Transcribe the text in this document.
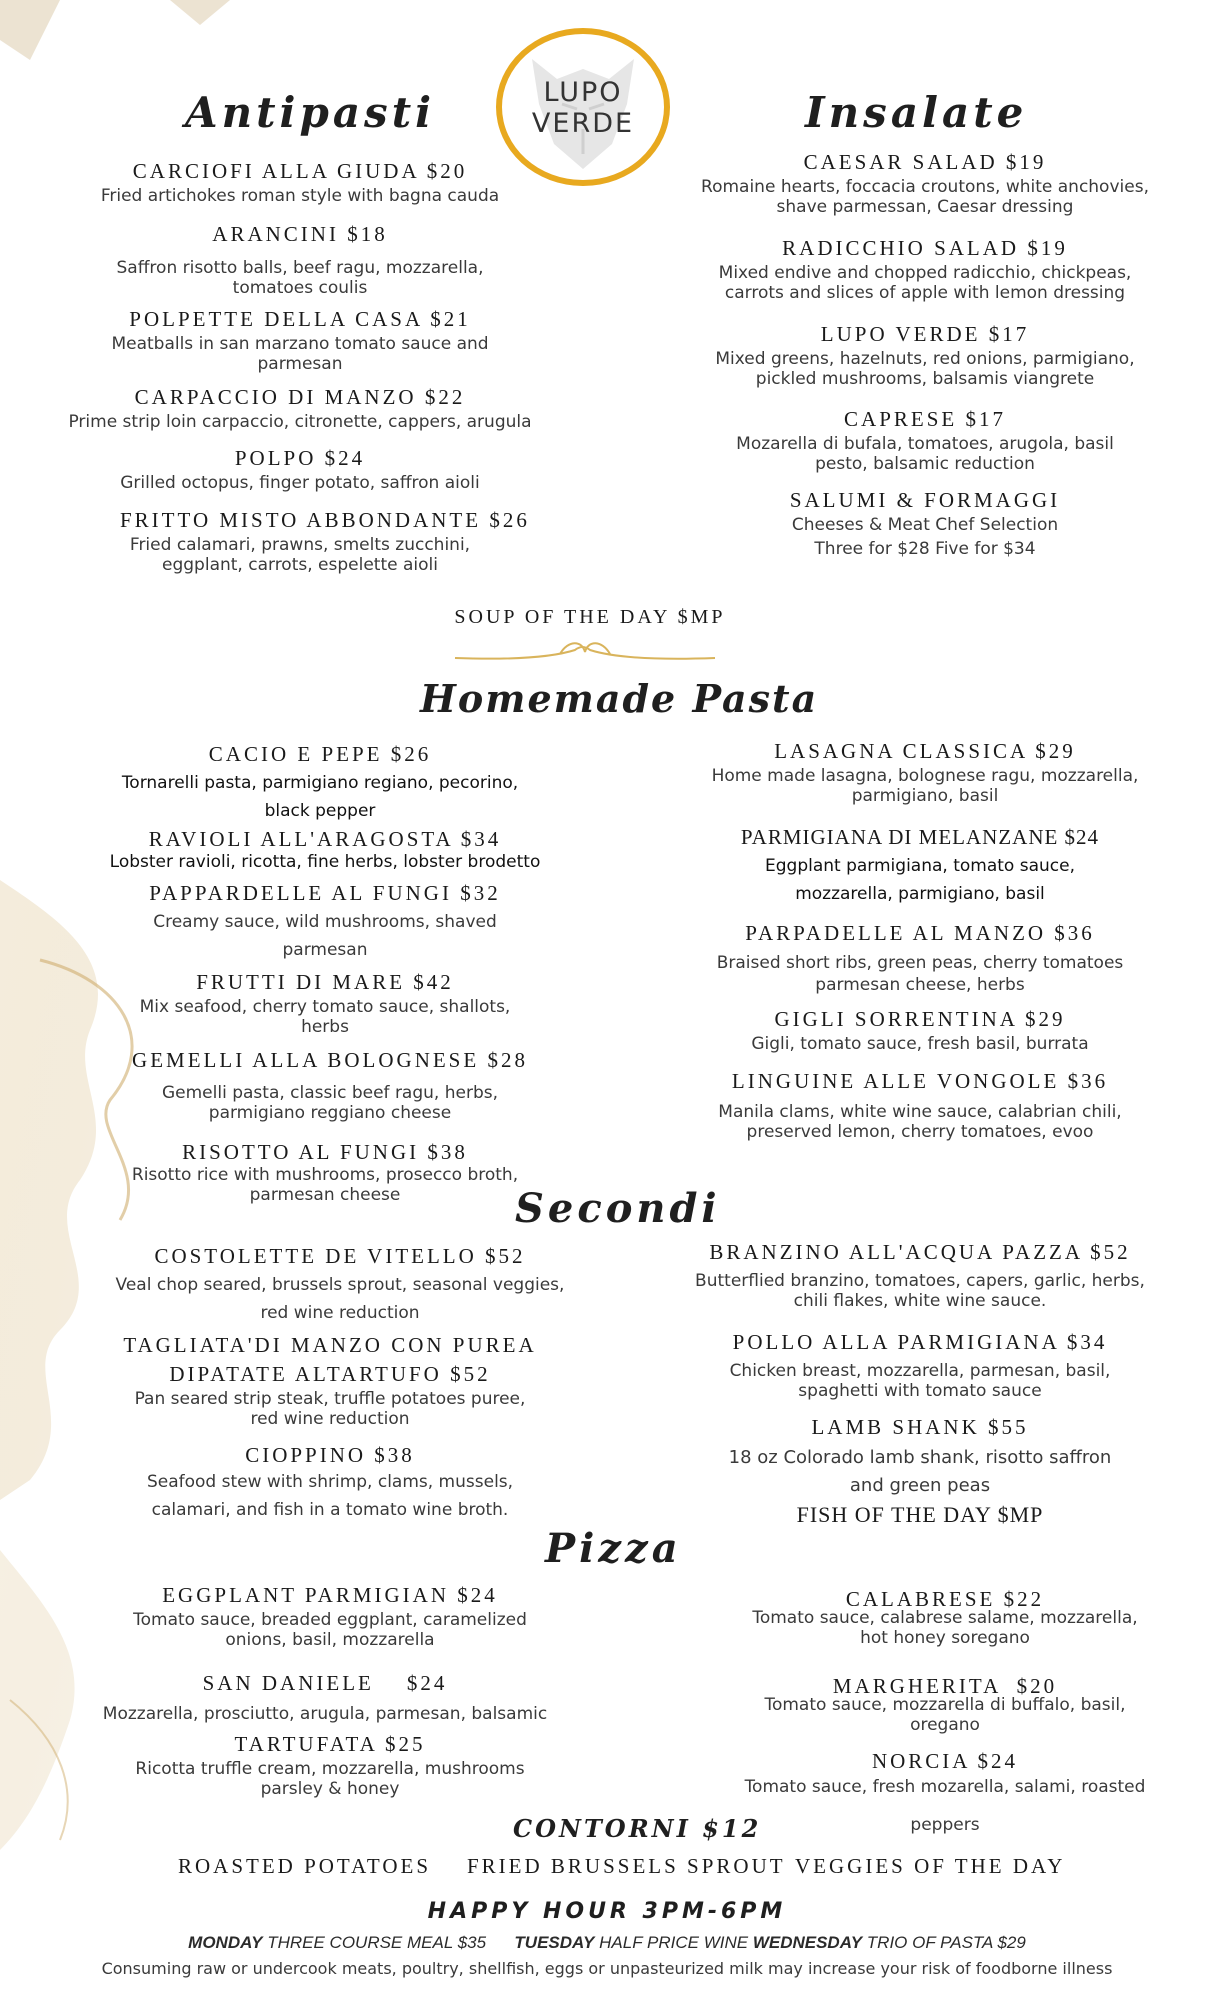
LUPO
VERDE
Antipasti
CARCIOFI ALLA GIUDA $20
Fried artichokes roman style with bagna cauda
ARANCINI $18
Saffron risotto balls, beef ragu, mozzarella, tomatoes coulis
POLPETTE DELLA CASA $21
Meatballs in san marzano tomato sauce and parmesan
CARPACCIO DI MANZO $22
Prime strip loin carpaccio, citronette, cappers, arugula
POLPO $24
Grilled octopus, finger potato, saffron aioli
FRITTO MISTO ABBONDANTE $26
Fried calamari, prawns, smelts zucchini, eggplant, carrots, espelette aioli
Insalate
CAESAR SALAD $19
Romaine hearts, foccacia croutons, white anchovies, shave parmessan, Caesar dressing
RADICCHIO SALAD $19
Mixed endive and chopped radicchio, chickpeas, carrots and slices of apple with lemon dressing
LUPO VERDE $17
Mixed greens, hazelnuts, red onions, parmigiano, pickled mushrooms, balsamis viangrete
CAPRESE $17
Mozarella di bufala, tomatoes, arugola, basil pesto, balsamic reduction
SALUMI & FORMAGGI
Cheeses & Meat Chef Selection
Three for $28 Five for $34
SOUP OF THE DAY $MP
Homemade Pasta
CACIO E PEPE $26
Tornarelli pasta, parmigiano regiano, pecorino, black pepper
RAVIOLI ALL'ARAGOSTA $34
Lobster ravioli, ricotta, fine herbs, lobster brodetto
PAPPARDELLE AL FUNGI $32
Creamy sauce, wild mushrooms, shaved parmesan
FRUTTI DI MARE $42
Mix seafood, cherry tomato sauce, shallots, herbs
GEMELLI ALLA BOLOGNESE $28
Gemelli pasta, classic beef ragu, herbs, parmigiano reggiano cheese
RISOTTO AL FUNGI $38
Risotto rice with mushrooms, prosecco broth, parmesan cheese
LASAGNA CLASSICA $29
Home made lasagna, bolognese ragu, mozzarella, parmigiano, basil
PARMIGIANA DI MELANZANE $24
Eggplant parmigiana, tomato sauce, mozzarella, parmigiano, basil
PARPADELLE AL MANZO $36
Braised short ribs, green peas, cherry tomatoes parmesan cheese, herbs
GIGLI SORRENTINA $29
Gigli, tomato sauce, fresh basil, burrata
LINGUINE ALLE VONGOLE $36
Manila clams, white wine sauce, calabrian chili, preserved lemon, cherry tomatoes, evoo
Secondi
COSTOLETTE DE VITELLO $52
Veal chop seared, brussels sprout, seasonal veggies, red wine reduction
TAGLIATA'DI MANZO CON PUREA
DIPATATE ALTARTUFO $52
Pan seared strip steak, truffle potatoes puree, red wine reduction
CIOPPINO $38
Seafood stew with shrimp, clams, mussels, calamari, and fish in a tomato wine broth.
BRANZINO ALL'ACQUA PAZZA $52
Butterflied branzino, tomatoes, capers, garlic, herbs, chili flakes, white wine sauce.
POLLO ALLA PARMIGIANA $34
Chicken breast, mozzarella, parmesan, basil, spaghetti with tomato sauce
LAMB SHANK $55
18 oz Colorado lamb shank, risotto saffron and green peas
FISH OF THE DAY $MP
Pizza
EGGPLANT PARMIGIAN $24
Tomato sauce, breaded eggplant, caramelized onions, basil, mozzarella
SAN DANIELE    $24
Mozzarella, prosciutto, arugula, parmesan, balsamic
TARTUFATA $25
Ricotta truffle cream, mozzarella, mushrooms parsley & honey
CALABRESE $22
Tomato sauce, calabrese salame, mozzarella, hot honey soregano
MARGHERITA  $20
Tomato sauce, mozzarella di buffalo, basil, oregano
NORCIA $24
Tomato sauce, fresh mozarella, salami, roasted peppers
CONTORNI $12
ROASTED POTATOES FRIED BRUSSELS SPROUT VEGGIES OF THE DAY
HAPPY HOUR 3PM-6PM
MONDAY THREE COURSE MEAL $35 TUESDAY HALF PRICE WINE WEDNESDAY TRIO OF PASTA $29
Consuming raw or undercook meats, poultry, shellfish, eggs or unpasteurized milk may increase your risk of foodborne illness
